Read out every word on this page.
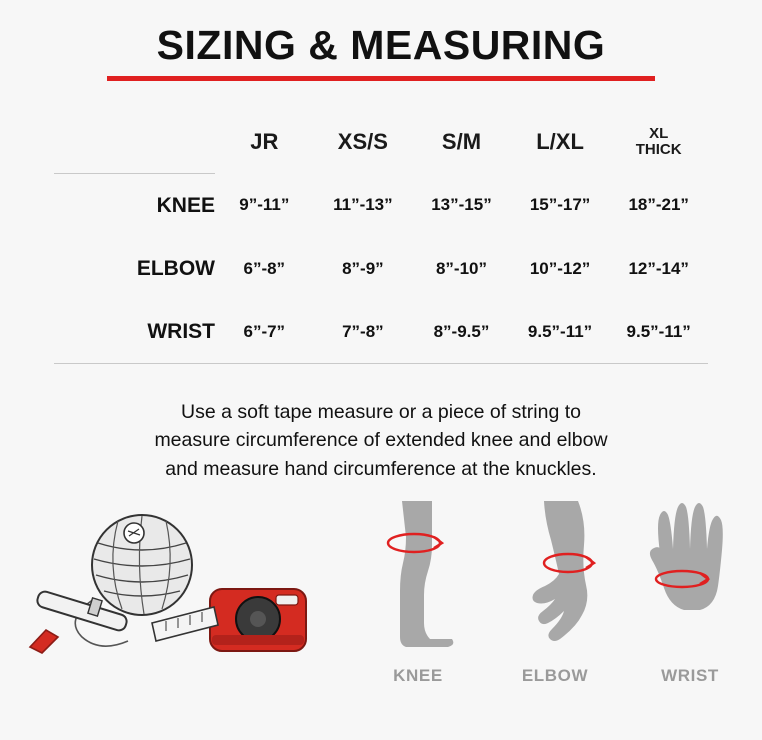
SIZING & MEASURING
	JR	XS/S	S/M	L/XL	XL
THICK

KNEE	9”-11”	11”-13”	13”-15”	15”-17”	18”-21”
ELBOW	6”-8”	8”-9”	8”-10”	10”-12”	12”-14”
WRIST	6”-7”	7”-8”	8”-9.5”	9.5”-11”	9.5”-11”
Use a soft tape measure or a piece of string to
measure circumference of extended knee and elbow
and measure hand circumference at the knuckles.
KNEE	ELBOW	WRIST
